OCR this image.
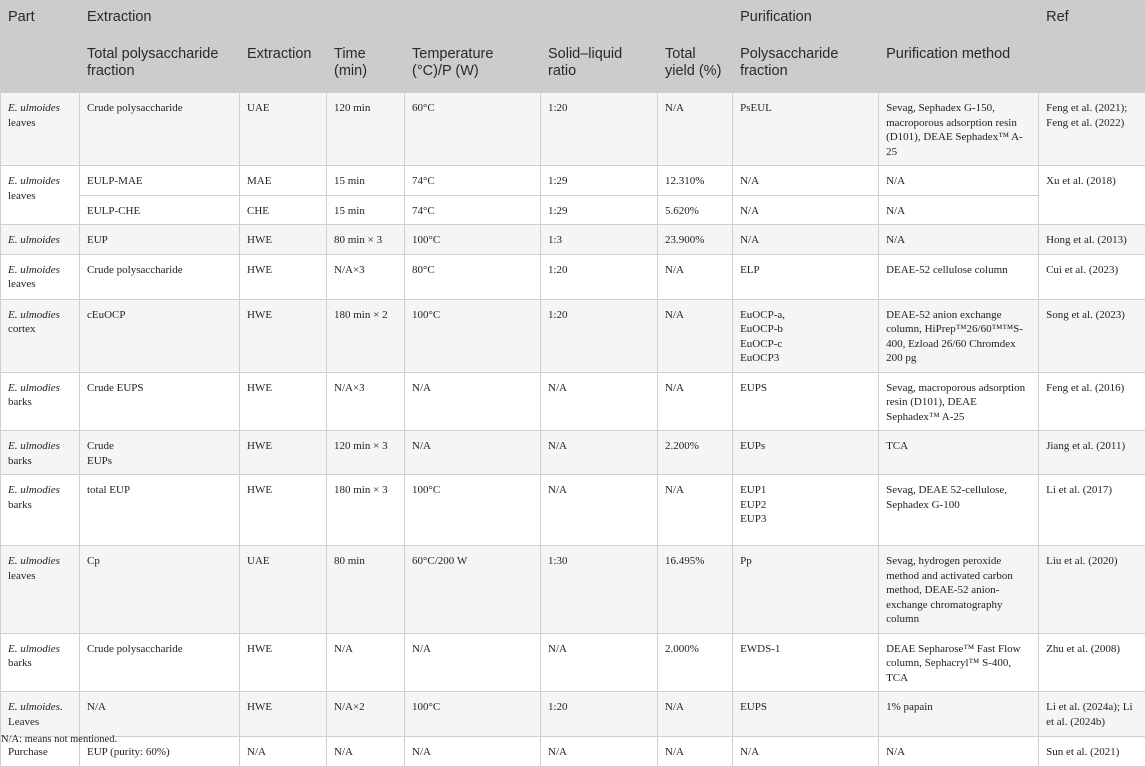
Part	Extraction						Purification		Ref
	Total polysaccharide fraction	Extraction	Time (min)	Temperature (°C)/P (W)	Solid–liquid ratio	Total yield (%)	Polysaccharide fraction	Purification method	

E. ulmoides
leaves	Crude polysaccharide	UAE	120 min	60°C	1:20	N/A	PsEUL	Sevag, Sephadex G-150, macroporous adsorption resin (D101), DEAE Sephadex™ A-25	Feng et al. (2021); Feng et al. (2022)

E. ulmoides
leaves	EULP-MAE	MAE	15 min	74°C	1:29	12.310%	N/A	N/A	Xu et al. (2018)
	EULP-CHE	CHE	15 min	74°C	1:29	5.620%	N/A	N/A	

E. ulmoides	EUP	HWE	80 min × 3	100°C	1:3	23.900%	N/A	N/A	Hong et al. (2013)

E. ulmoides
leaves	Crude polysaccharide	HWE	N/A×3	80°C	1:20	N/A	ELP	DEAE-52 cellulose column	Cui et al. (2023)

E. ulmodies
cortex	cEuOCP	HWE	180 min × 2	100°C	1:20	N/A	EuOCP-a,
EuOCP-b
EuOCP-c
EuOCP3	DEAE-52 anion exchange column, HiPrep™26/60™™S-400, Ezload 26/60 Chromdex 200 pg	Song et al. (2023)

E. ulmodies
barks	Crude EUPS	HWE	N/A×3	N/A	N/A	N/A	EUPS	Sevag, macroporous adsorption resin (D101), DEAE Sephadex™ A-25	Feng et al. (2016)

E. ulmodies
barks	Crude
EUPs	HWE	120 min × 3	N/A	N/A	2.200%	EUPs	TCA	Jiang et al. (2011)

E. ulmodies
barks	total EUP	HWE	180 min × 3	100°C	N/A	N/A	EUP1
EUP2
EUP3	Sevag, DEAE 52-cellulose, Sephadex G-100	Li et al. (2017)

E. ulmodies
leaves	Cp	UAE	80 min	60°C/200 W	1:30	16.495%	Pp	Sevag, hydrogen peroxide method and activated carbon method, DEAE-52 anion-exchange chromatography column	Liu et al. (2020)

E. ulmodies
barks	Crude polysaccharide	HWE	N/A	N/A	N/A	2.000%	EWDS-1	DEAE Sepharose™ Fast Flow column, Sephacryl™ S-400, TCA	Zhu et al. (2008)

E. ulmoides.
Leaves	N/A	HWE	N/A×2	100°C	1:20	N/A	EUPS	1% papain	Li et al. (2024a); Li et al. (2024b)

Purchase	EUP (purity: 60%)	N/A	N/A	N/A	N/A	N/A	N/A	N/A	Sun et al. (2021)
N/A: means not mentioned.
